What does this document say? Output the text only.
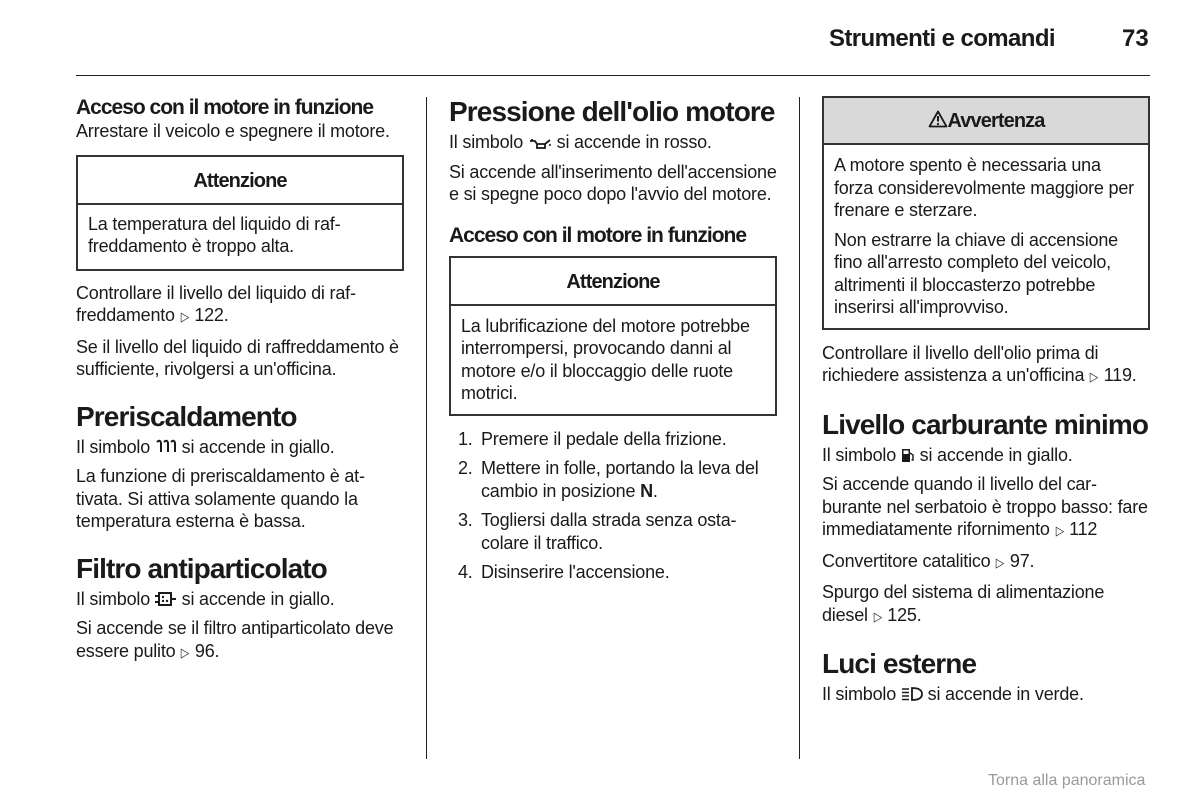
Strumenti e comandi	73
Acceso con il motore in funzione

Arrestare il veicolo e spegnere il motore.

Attenzione

La temperatura del liquido di raffreddamento è troppo alta.

Controllare il livello del liquido di raffreddamento ▷ 122.

Se il livello del liquido di raffreddamento è sufficiente, rivolgersi a un'officina.

Preriscaldamento

Il simbolo si accende in giallo.

La funzione di preriscaldamento è attivata. Si attiva solamente quando la temperatura esterna è bassa.

Filtro antiparticolato

Il simbolo si accende in giallo.

Si accende se il filtro antiparticolato deve essere pulito ▷ 96.

Pressione dell'olio motore

Il simbolo si accende in rosso.

Si accende all'inserimento dell'accensione e si spegne poco dopo l'avvio del motore.

Acceso con il motore in funzione
Attenzione

La lubrificazione del motore potrebbe interrompersi, provocando danni al motore e/o il bloccaggio delle ruote motrici.

1. Premere il pedale della frizione.
2. Mettere in folle, portando la leva del cambio in posizione N.
3. Togliersi dalla strada senza ostacolare il traffico.
4. Disinserire l'accensione.
Avvertenza

A motore spento è necessaria una forza considerevolmente maggiore per frenare e sterzare.

Non estrarre la chiave di accensione fino all'arresto completo del veicolo, altrimenti il bloccasterzo potrebbe inserirsi all'improvviso.

Controllare il livello dell'olio prima di richiedere assistenza a un'officina ▷ 119.

Livello carburante minimo

Il simbolo si accende in giallo.

Si accende quando il livello del carburante nel serbatoio è troppo basso: fare immediatamente rifornimento ▷ 112

Convertitore catalitico ▷ 97.

Spurgo del sistema di alimentazione diesel ▷ 125.

Luci esterne

Il simbolo si accende in verde.

Torna alla panoramica
